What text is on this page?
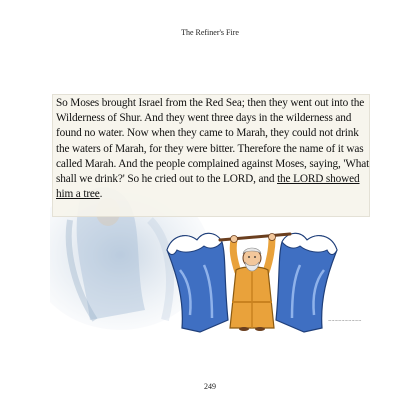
The Refiner's Fire

So Moses brought Israel from the Red Sea; then they went out into the Wilderness of Shur. And they went three days in the wilderness and found no water. Now when they came to Marah, they could not drink the waters of Marah, for they were bitter. Therefore the name of it was called Marah. And the people complained against Moses, saying, 'What shall we drink?' So he cried out to the LORD, and the LORD showed him a tree.

~~~~~~~~~~
249
